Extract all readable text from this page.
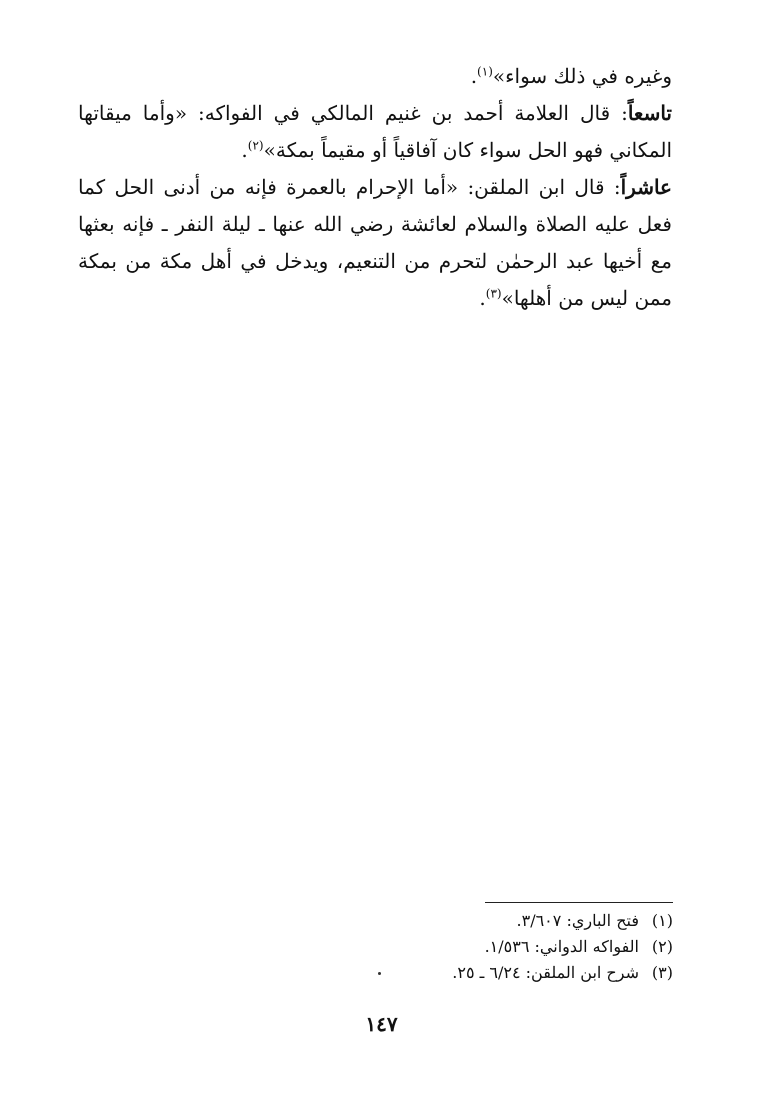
وغيره في ذلك سواء»$^{(١)}$.

تاسعاً: قال العلامة أحمد بن غنيم المالكي في الفواكه: «وأما ميقاتها المكاني فهو الحل سواء كان آفاقياً أو مقيماً بمكة»$^{(٢)}$.

عاشراً: قال ابن الملقن: «أما الإحرام بالعمرة فإنه من أدنى الحل كما فعل عليه الصلاة والسلام لعائشة رضي الله عنها ـ ليلة النفر ـ فإنه بعثها مع أخيها عبد الرحمٰن لتحرم من التنعيم، ويدخل في أهل مكة من بمكة ممن ليس من أهلها»$^{(٣)}$.

(١)
فتح الباري: ٣/٦٠٧.
(٢)
الفواكه الدواني: ١/٥٣٦.
(٣)
شرح ابن الملقن: ٦/٢٤ ـ ٢٥.
١٤٧
